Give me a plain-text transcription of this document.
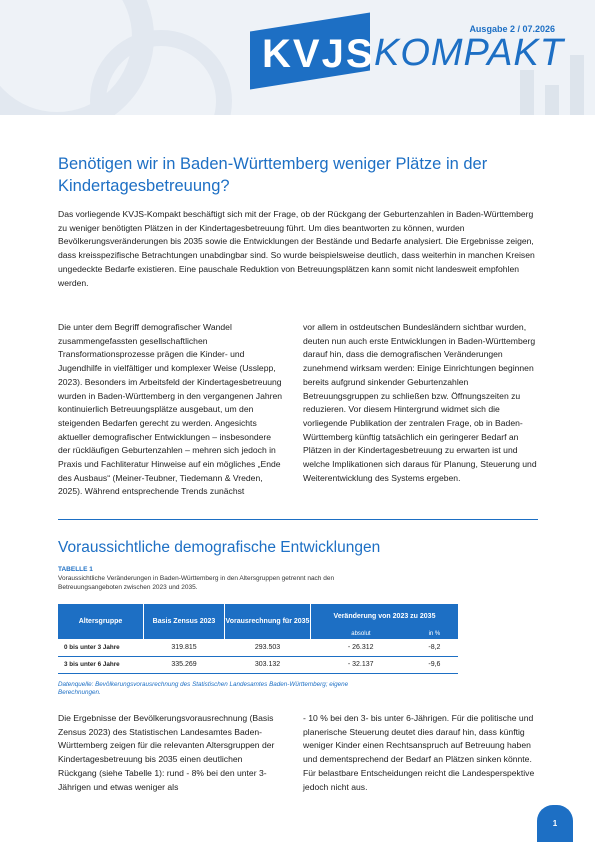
KVJS KOMPAKT
Ausgabe 2 / 07.2026
Benötigen wir in Baden-Württemberg weniger Plätze in der Kindertagesbetreuung?
Das vorliegende KVJS-Kompakt beschäftigt sich mit der Frage, ob der Rückgang der Geburtenzahlen in Baden-Württemberg zu weniger benötigten Plätzen in der Kindertagesbetreuung führt. Um dies beantworten zu können, wurden Bevölkerungsveränderungen bis 2035 sowie die Entwicklungen der Bestände und Bedarfe analysiert. Die Ergebnisse zeigen, dass kreisspezifische Betrachtungen unabdingbar sind. So wurde beispielsweise deutlich, dass weiterhin in manchen Kreisen ungedeckte Bedarfe existieren. Eine pauschale Reduktion von Betreuungsplätzen kann somit nicht landesweit empfohlen werden.
Die unter dem Begriff demografischer Wandel zusammengefassten gesellschaftlichen Transformationsprozesse prägen die Kinder- und Jugendhilfe in vielfältiger und komplexer Weise (Usslepp, 2023). Besonders im Arbeitsfeld der Kindertagesbetreuung wurden in Baden-Württemberg in den vergangenen Jahren kontinuierlich Betreuungsplätze ausgebaut, um den steigenden Bedarfen gerecht zu werden. Angesichts aktueller demografischer Entwicklungen – insbesondere der rückläufigen Geburtenzahlen – mehren sich jedoch in Praxis und Fachliteratur Hinweise auf ein mögliches „Ende des Ausbaus“ (Meiner-Teubner, Tiedemann & Vreden, 2025). Während entsprechende Trends zunächst
vor allem in ostdeutschen Bundesländern sichtbar wurden, deuten nun auch erste Entwicklungen in Baden-Württemberg darauf hin, dass die demografischen Veränderungen zunehmend wirksam werden: Einige Einrichtungen beginnen bereits aufgrund sinkender Geburtenzahlen Betreuungsgruppen zu schließen bzw. Öffnungszeiten zu reduzieren. Vor diesem Hintergrund widmet sich die vorliegende Publikation der zentralen Frage, ob in Baden-Württemberg künftig tatsächlich ein geringerer Bedarf an Plätzen in der Kindertagesbetreuung zu erwarten ist und welche Implikationen sich daraus für Planung, Steuerung und Weiterentwicklung des Systems ergeben.
Voraussichtliche demografische Entwicklungen
TABELLE 1
Voraussichtliche Veränderungen in Baden-Württemberg in den Altersgruppen getrennt nach den Betreuungsangeboten zwischen 2023 und 2035.
Altersgruppe	Basis Zensus 2023	Vorausrechnung für 2035	Veränderung von 2023 zu 2035	
			absolut	in %
0 bis unter 3 Jahre	319.815	293.503	- 26.312	-8,2
3 bis unter 6 Jahre	335.269	303.132	- 32.137	-9,6
Datenquelle: Bevölkerungsvorausrechnung des Statistischen Landesamtes Baden-Württemberg; eigene Berechnungen.
Die Ergebnisse der Bevölkerungsvorausrechnung (Basis Zensus 2023) des Statistischen Landesamtes Baden-Württemberg zeigen für die relevanten Altersgruppen der Kindertagesbetreuung bis 2035 einen deutlichen Rückgang (siehe Tabelle 1): rund - 8% bei den unter 3-Jährigen und etwas weniger als
- 10 % bei den 3- bis unter 6-Jährigen. Für die politische und planerische Steuerung deutet dies darauf hin, dass künftig weniger Kinder einen Rechtsanspruch auf Betreuung haben und dementsprechend der Bedarf an Plätzen sinken könnte. Für belastbare Entscheidungen reicht die Landesperspektive jedoch nicht aus.
1
